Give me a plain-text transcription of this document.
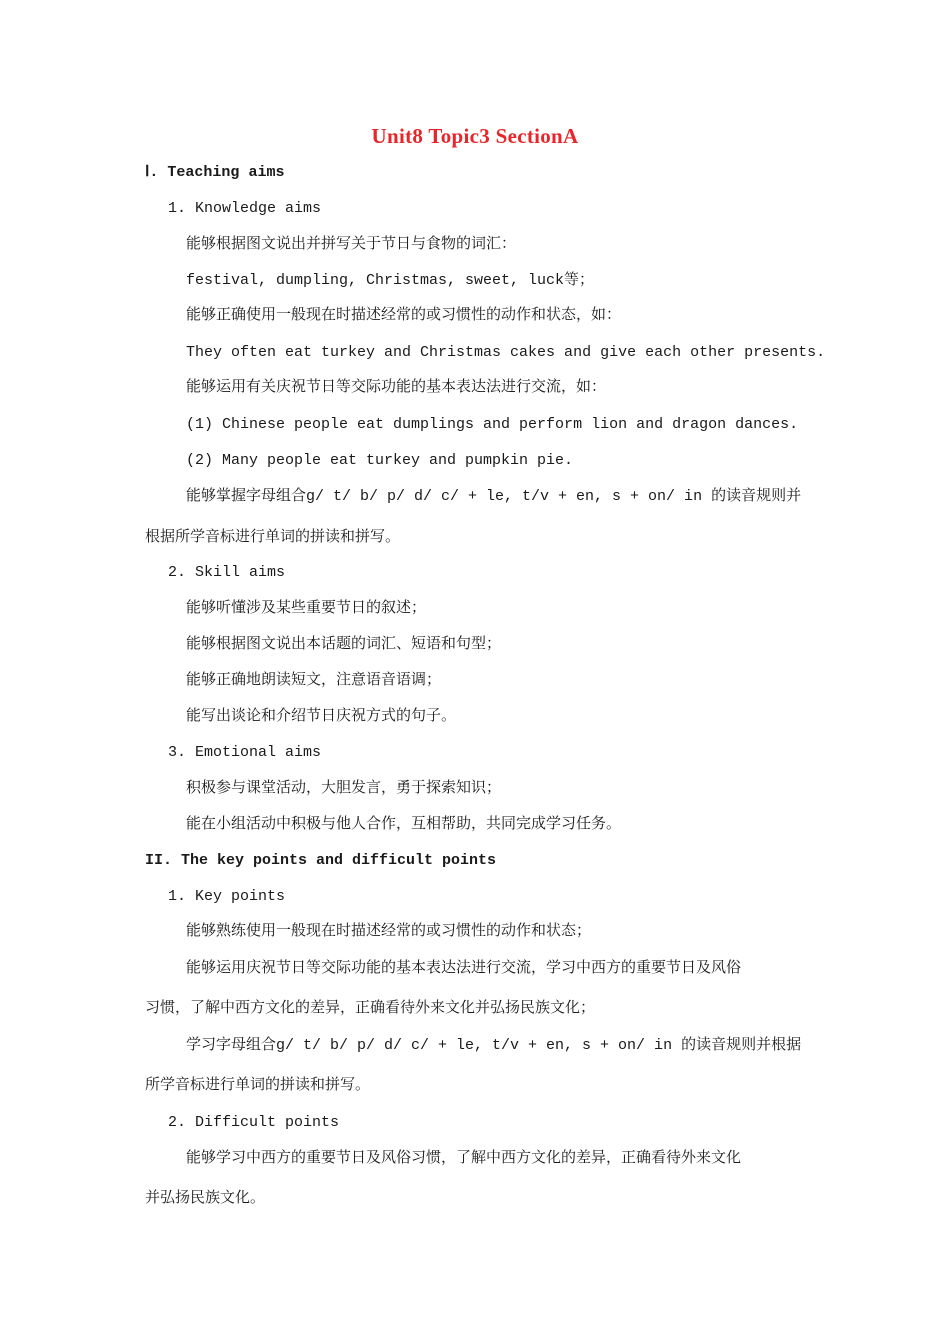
Unit8 Topic3 SectionA
Ⅰ. Teaching aims
1. Knowledge aims
能够根据图文说出并拼写关于节日与食物的词汇：
festival, dumpling, Christmas, sweet, luck等；
能够正确使用一般现在时描述经常的或习惯性的动作和状态，如：
They often eat turkey and Christmas cakes and give each other presents.
能够运用有关庆祝节日等交际功能的基本表达法进行交流，如：
(1) Chinese people eat dumplings and perform lion and dragon dances.
(2) Many people eat turkey and pumpkin pie.
能够掌握字母组合g/ t/ b/ p/ d/ c/ + le, t/v + en, s + on/ in 的读音规则并
根据所学音标进行单词的拼读和拼写。
2. Skill aims
能够听懂涉及某些重要节日的叙述；
能够根据图文说出本话题的词汇、短语和句型；
能够正确地朗读短文，注意语音语调；
能写出谈论和介绍节日庆祝方式的句子。
3. Emotional aims
积极参与课堂活动，大胆发言，勇于探索知识；
能在小组活动中积极与他人合作，互相帮助，共同完成学习任务。
II. The key points and difficult points
1. Key points
能够熟练使用一般现在时描述经常的或习惯性的动作和状态；
能够运用庆祝节日等交际功能的基本表达法进行交流，学习中西方的重要节日及风俗
习惯，了解中西方文化的差异，正确看待外来文化并弘扬民族文化；
学习字母组合g/ t/ b/ p/ d/ c/ + le, t/v + en, s + on/ in 的读音规则并根据
所学音标进行单词的拼读和拼写。
2. Difficult points
能够学习中西方的重要节日及风俗习惯，了解中西方文化的差异，正确看待外来文化
并弘扬民族文化。
